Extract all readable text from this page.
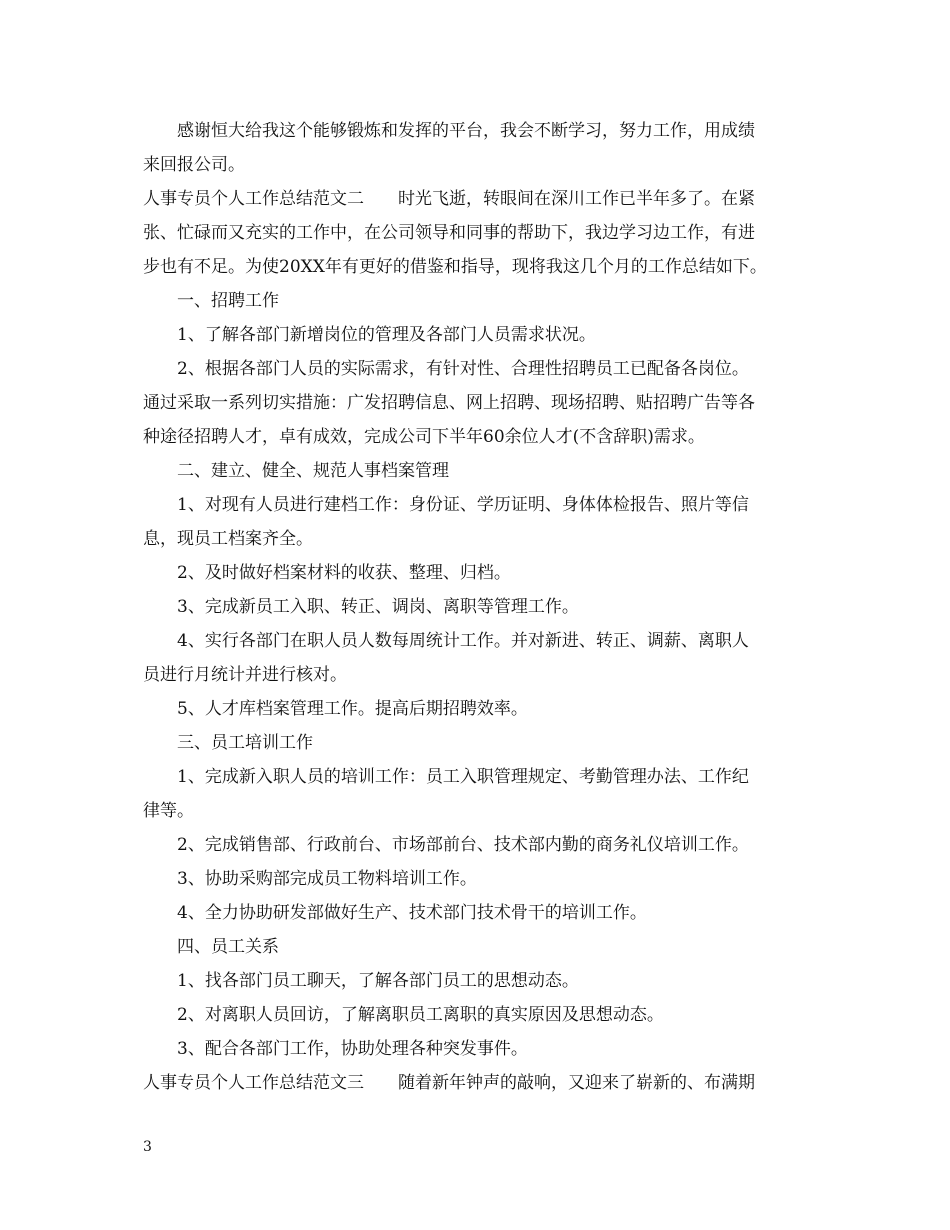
感谢恒大给我这个能够锻炼和发挥的平台，我会不断学习，努力工作，用成绩
来回报公司。
人事专员个人工作总结范文二 时光飞逝，转眼间在深川工作已半年多了。在紧
张、忙碌而又充实的工作中，在公司领导和同事的帮助下，我边学习边工作，有进
步也有不足。为使20XX年有更好的借鉴和指导，现将我这几个月的工作总结如下。
一、招聘工作
1、了解各部门新增岗位的管理及各部门人员需求状况。
2、根据各部门人员的实际需求，有针对性、合理性招聘员工已配备各岗位。
通过采取一系列切实措施：广发招聘信息、网上招聘、现场招聘、贴招聘广告等各
种途径招聘人才，卓有成效，完成公司下半年60余位人才(不含辞职)需求。
二、建立、健全、规范人事档案管理
1、对现有人员进行建档工作：身份证、学历证明、身体体检报告、照片等信
息，现员工档案齐全。
2、及时做好档案材料的收获、整理、归档。
3、完成新员工入职、转正、调岗、离职等管理工作。
4、实行各部门在职人员人数每周统计工作。并对新进、转正、调薪、离职人
员进行月统计并进行核对。
5、人才库档案管理工作。提高后期招聘效率。
三、员工培训工作
1、完成新入职人员的培训工作：员工入职管理规定、考勤管理办法、工作纪
律等。
2、完成销售部、行政前台、市场部前台、技术部内勤的商务礼仪培训工作。
3、协助采购部完成员工物料培训工作。
4、全力协助研发部做好生产、技术部门技术骨干的培训工作。
四、员工关系
1、找各部门员工聊天，了解各部门员工的思想动态。
2、对离职人员回访，了解离职员工离职的真实原因及思想动态。
3、配合各部门工作，协助处理各种突发事件。
人事专员个人工作总结范文三 随着新年钟声的敲响，又迎来了崭新的、布满期
3
